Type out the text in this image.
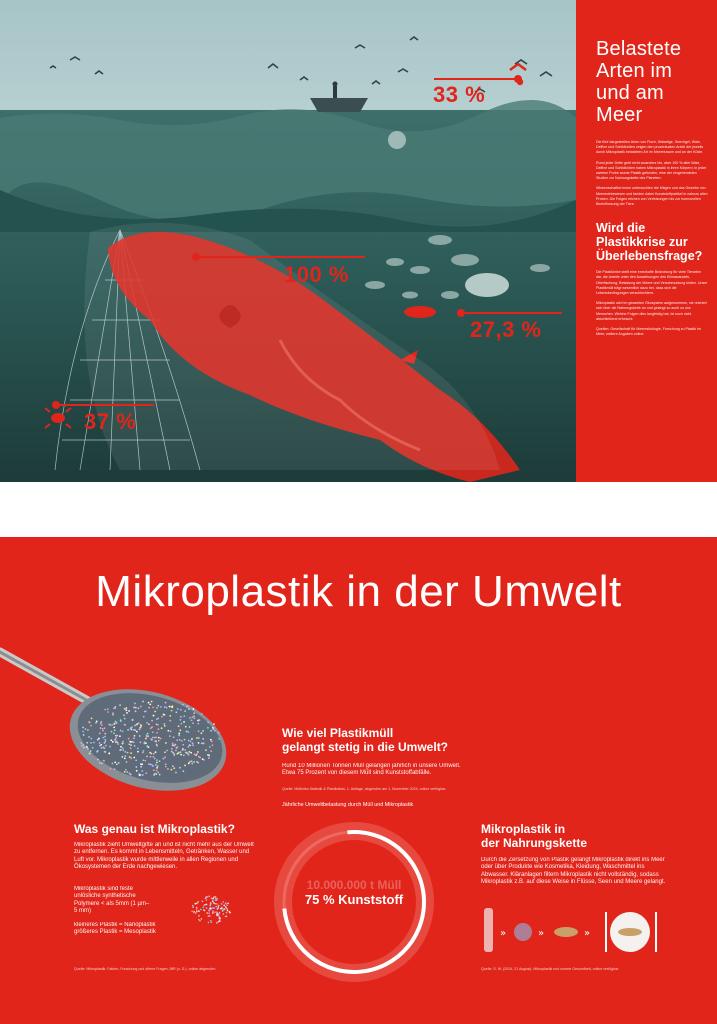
33 %
100 %
27,3 %
37 %
Belastete
Arten im
und am
Meer

Die fünf dargestellten Arten von Fisch, Walartige, Seevögel, Wale, Delfine und Schildkröten zeigen den prozentualen Anteil der jeweils durch Mikroplastik belasteten Art im Meeresraum und an der Küste.

Rund jeder Dritte geht nicht woanders hin, aber 100 % aller Wale, Delfine und Schildkröten haben Mikroplastik in ihren Körpern; in jeder zweiten Probe wurde Plastik gefunden, eine der eingehendsten Studien zur Nahrungskette des Planeten.

Wissenschaftler:innen untersuchten die Mägen und das Gewebe von Meereslebewesen und fanden dabei Kunststoffpartikel in nahezu allen Proben. Die Folgen reichen von Verletzungen bis zur hormonellen Beeinflussung der Tiere.

Wird die
Plastikkrise zur
Überlebensfrage?

Die Plastikkrise stellt eine ernsthafte Bedrohung für viele Tierarten dar, die Anteile unter den Auswirkungen des Klimawandels, Überfischung, Belastung der Meere und Verschmutzung leiden. Unser Plastikmüll trägt wesentlich dazu bei, dass sich die Lebensbedingungen verschlechtern.

Mikroplastik wird im gesamten Ökosystem aufgenommen, sie reichert sich über die Nahrungskette an und gelangt so auch zu uns Menschen. Welche Folgen dies langfristig hat, ist noch nicht abschließend erforscht.

Quellen: Gesellschaft für Meeresbiologie, Forschung zu Plastik im Meer, weitere Angaben online.

Mikroplastik in der Umwelt

Wie viel Plastikmüll
gelangt stetig in die Umwelt?

Rund 10 Millionen Tonnen Müll gelangen jährlich in unsere Umwelt. Etwa 75 Prozent von diesem Müll sind Kunststoffabfälle.

Quelle: Müllkrise-Statistik & Plastikatlas, 1. Auflage, abgerufen am 1. November 2024, online verfügbar.

Jährliche Umweltbelastung durch Müll und Mikroplastik

10.000.000 t Müll
75 % Kunststoff

Was genau ist Mikroplastik?

Mikroplastik zieht Umweltgifte an und ist nicht mehr aus der Umwelt zu entfernen. Es kommt in Lebensmitteln, Getränken, Wasser und Luft vor. Mikroplastik wurde mittlerweile in allen Regionen und Ökosystemen der Erde nachgewiesen.

Mikroplastik sind feste unlösliche synthetische Polymere < als 5mm (1 µm– 5 mm)

kleineres Plastik = Nanoplastik
größeres Plastik = Mesoplastik

Quelle: Mikroplastik: Fakten, Forschung und offene Fragen, BfR (o. D.), online abgerufen.

Mikroplastik in
der Nahrungskette

Durch die Zersetzung von Plastik gelangt Mikroplastik direkt ins Meer oder über Produkte wie Kosmetika, Kleidung, Waschmittel ins Abwasser. Kläranlagen filtern Mikroplastik nicht vollständig, sodass Mikroplastik z.B. auf diese Weise in Flüsse, Seen und Meere gelangt.

»	»	»

Quelle: S. W. (2024, 21 August). Mikroplastik und unsere Gesundheit, online verfügbar.
